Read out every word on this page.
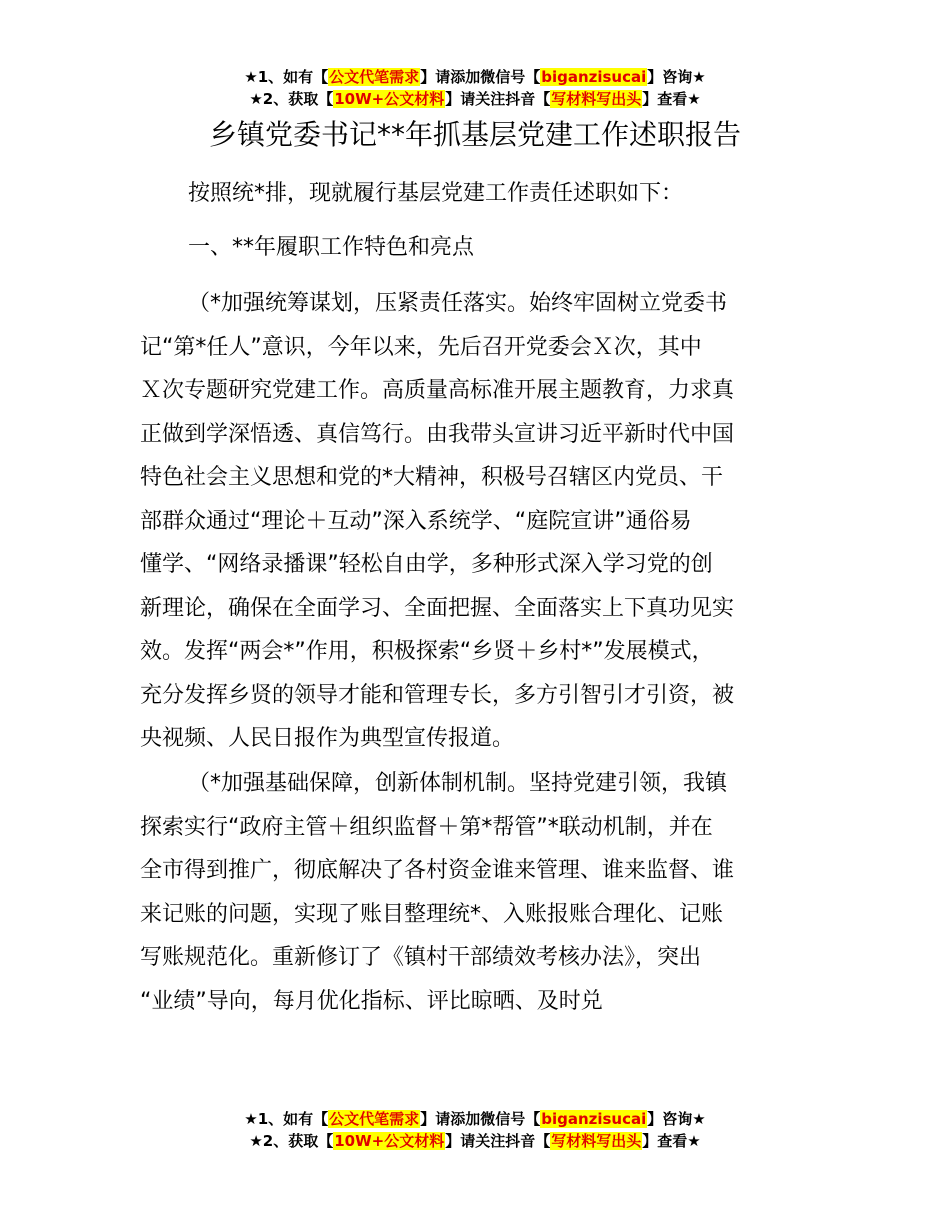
★1、如有【公文代笔需求】请添加微信号【biganzisucai】咨询★
★2、获取【10W+公文材料】请关注抖音【写材料写出头】查看★
乡镇党委书记**年抓基层党建工作述职报告
按照统*排，现就履行基层党建工作责任述职如下：
一、**年履职工作特色和亮点
（*加强统筹谋划，压紧责任落实。始终牢固树立党委书
记“第*任人”意识，今年以来，先后召开党委会Ｘ次，其中
Ｘ次专题研究党建工作。高质量高标准开展主题教育，力求真
正做到学深悟透、真信笃行。由我带头宣讲习近平新时代中国
特色社会主义思想和党的*大精神，积极号召辖区内党员、干
部群众通过“理论＋互动”深入系统学、“庭院宣讲”通俗易
懂学、“网络录播课”轻松自由学，多种形式深入学习党的创
新理论，确保在全面学习、全面把握、全面落实上下真功见实
效。发挥“两会*”作用，积极探索“乡贤＋乡村*”发展模式，
充分发挥乡贤的领导才能和管理专长，多方引智引才引资，被
央视频、人民日报作为典型宣传报道。
（*加强基础保障，创新体制机制。坚持党建引领，我镇
探索实行“政府主管＋组织监督＋第*帮管”*联动机制，并在
全市得到推广，彻底解决了各村资金谁来管理、谁来监督、谁
来记账的问题，实现了账目整理统*、入账报账合理化、记账
写账规范化。重新修订了《镇村干部绩效考核办法》，突出
“业绩”导向，每月优化指标、评比晾晒、及时兑
★1、如有【公文代笔需求】请添加微信号【biganzisucai】咨询★
★2、获取【10W+公文材料】请关注抖音【写材料写出头】查看★
